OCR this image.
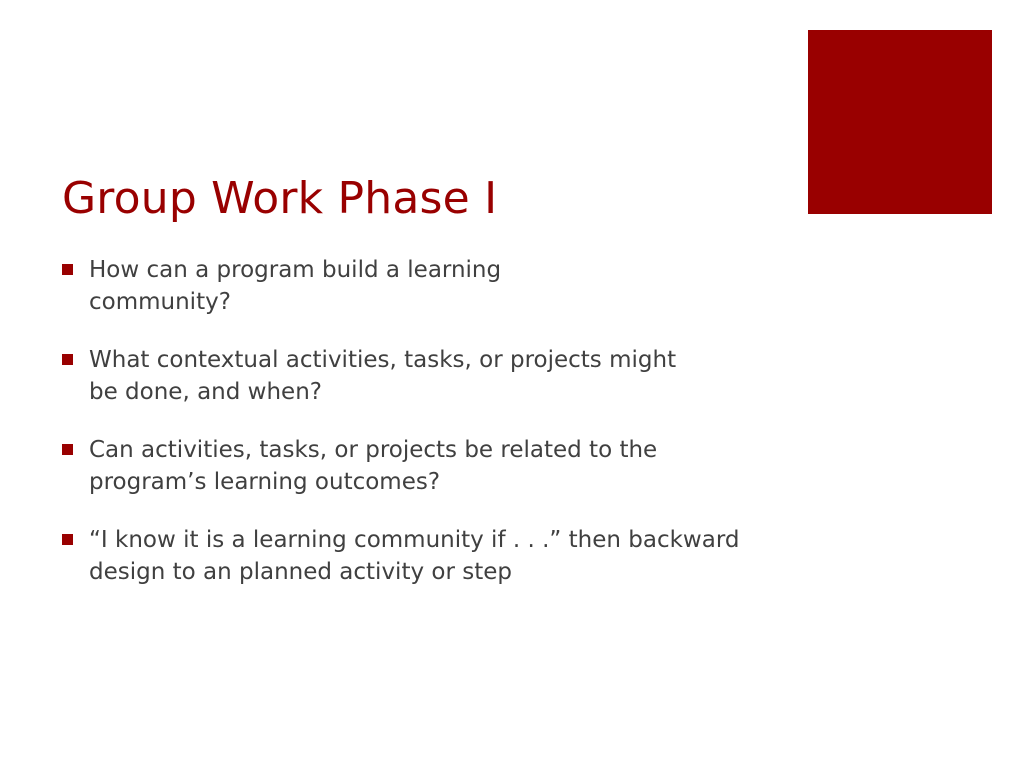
Group Work Phase I
How can a program build a learning community?
What contextual activities, tasks, or projects might be done, and when?
Can activities, tasks, or projects be related to the program’s learning outcomes?
“I know it is a learning community if . . .” then backward design to an planned activity or step
